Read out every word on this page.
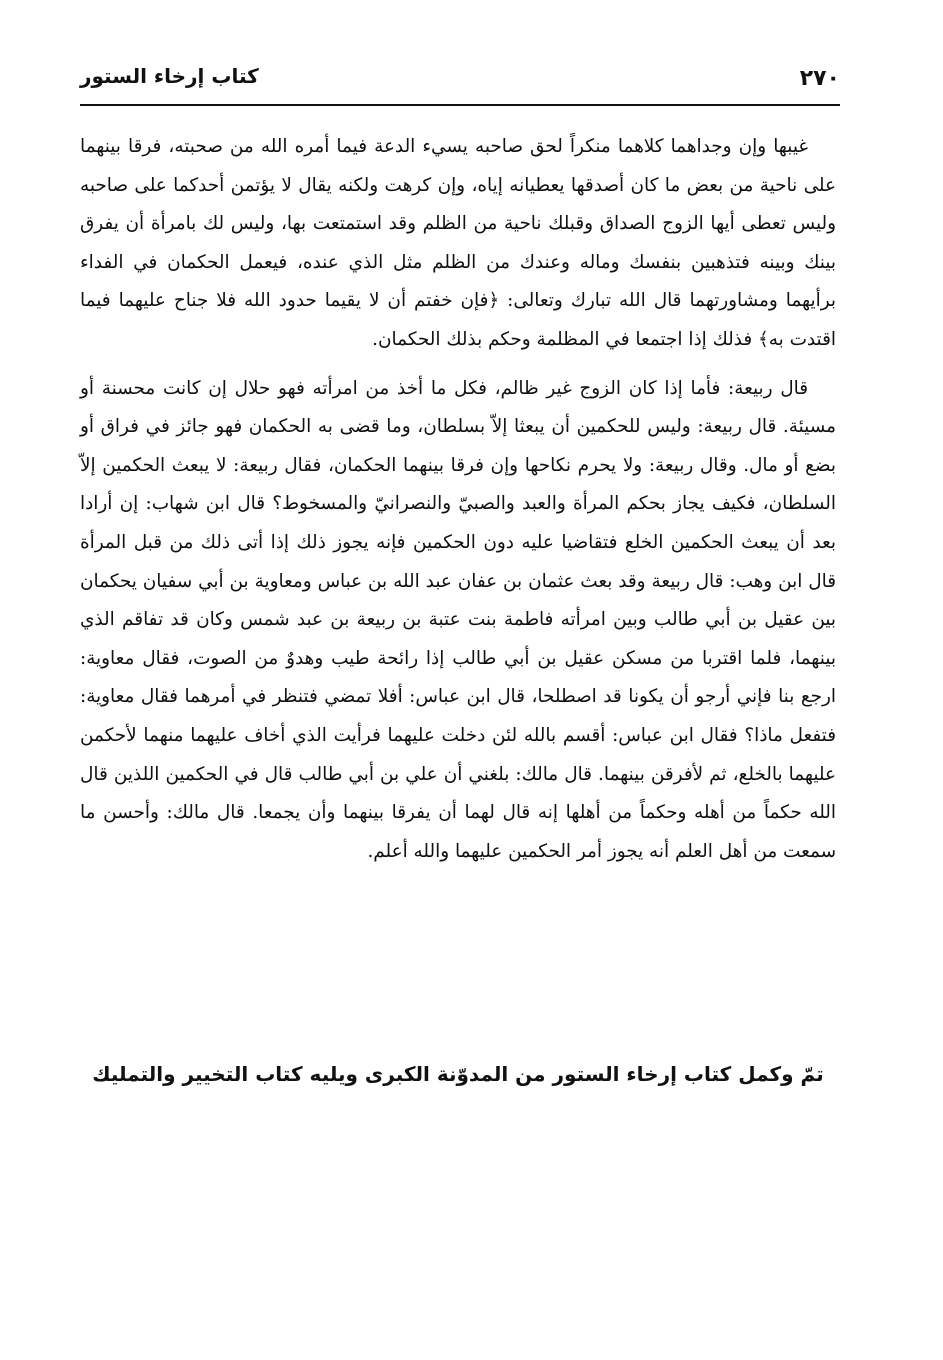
٢٧٠
كتاب إرخاء الستور

غيبها وإن وجداهما كلاهما منكراً لحق صاحبه يسيء الدعة فيما أمره الله من صحبته، فرقا بينهما على ناحية من بعض ما كان أصدقها يعطيانه إياه، وإن كرهت ولكنه يقال لا يؤتمن أحدكما على صاحبه وليس تعطى أيها الزوج الصداق وقبلك ناحية من الظلم وقد استمتعت بها، وليس لك بامرأة أن يفرق بينك وبينه فتذهبين بنفسك وماله وعندك من الظلم مثل الذي عنده، فيعمل الحكمان في الفداء برأيهما ومشاورتهما قال الله تبارك وتعالى: ﴿فإن خفتم أن لا يقيما حدود الله فلا جناح عليهما فيما اقتدت به﴾ فذلك إذا اجتمعا في المظلمة وحكم بذلك الحكمان.

قال ربيعة: فأما إذا كان الزوج غير ظالم، فكل ما أخذ من امرأته فهو حلال إن كانت محسنة أو مسيئة. قال ربيعة: وليس للحكمين أن يبعثا إلاّ بسلطان، وما قضى به الحكمان فهو جائز في فراق أو بضع أو مال. وقال ربيعة: ولا يحرم نكاحها وإن فرقا بينهما الحكمان، فقال ربيعة: لا يبعث الحكمين إلاّ السلطان، فكيف يجاز بحكم المرأة والعبد والصبيّ والنصرانيّ والمسخوط؟ قال ابن شهاب: إن أرادا بعد أن يبعث الحكمين الخلع فتقاضيا عليه دون الحكمين فإنه يجوز ذلك إذا أتى ذلك من قبل المرأة قال ابن وهب: قال ربيعة وقد بعث عثمان بن عفان عبد الله بن عباس ومعاوية بن أبي سفيان يحكمان بين عقيل بن أبي طالب وبين امرأته فاطمة بنت عتبة بن ربيعة بن عبد شمس وكان قد تفاقم الذي بينهما، فلما اقتربا من مسكن عقيل بن أبي طالب إذا رائحة طيب وهدوٌ من الصوت، فقال معاوية: ارجع بنا فإني أرجو أن يكونا قد اصطلحا، قال ابن عباس: أفلا تمضي فتنظر في أمرهما فقال معاوية: فتفعل ماذا؟ فقال ابن عباس: أقسم بالله لئن دخلت عليهما فرأيت الذي أخاف عليهما منهما لأحكمن عليهما بالخلع، ثم لأفرقن بينهما. قال مالك: بلغني أن علي بن أبي طالب قال في الحكمين اللذين قال الله حكماً من أهله وحكماً من أهلها إنه قال لهما أن يفرقا بينهما وأن يجمعا. قال مالك: وأحسن ما سمعت من أهل العلم أنه يجوز أمر الحكمين عليهما والله أعلم.

تمّ وكمل كتاب إرخاء الستور من المدوّنة الكبرى ويليه كتاب التخيير والتمليك
